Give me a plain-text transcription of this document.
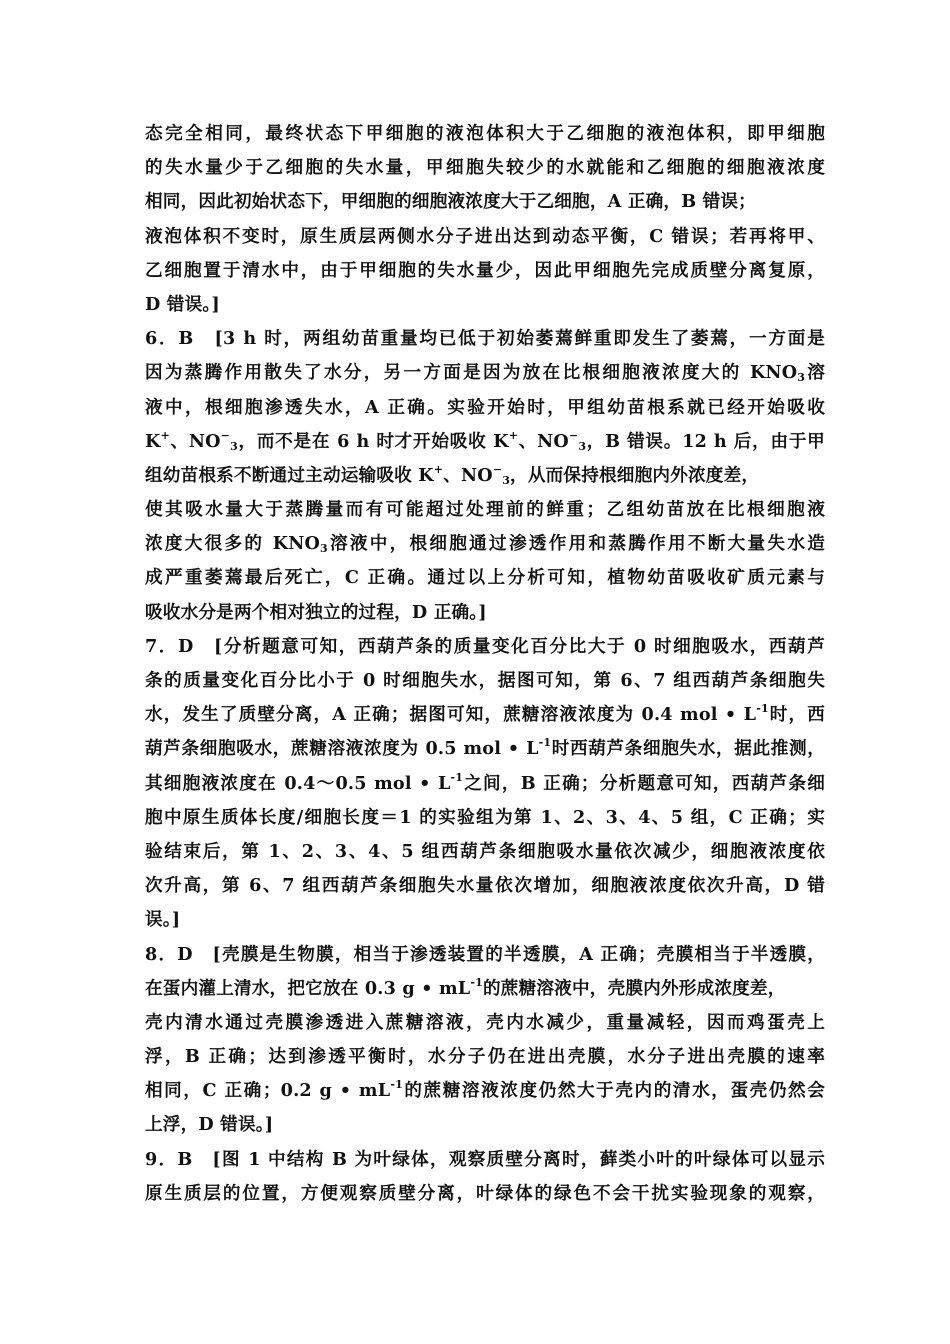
态完全相同，最终状态下甲细胞的液泡体积大于乙细胞的液泡体积，即甲细胞
的失水量少于乙细胞的失水量，甲细胞失较少的水就能和乙细胞的细胞液浓度
相同，因此初始状态下，甲细胞的细胞液浓度大于乙细胞，A 正确，B 错误；
液泡体积不变时，原生质层两侧水分子进出达到动态平衡，C 错误；若再将甲、
乙细胞置于清水中，由于甲细胞的失水量少，因此甲细胞先完成质壁分离复原，
D 错误。]
6．B　[3 h 时，两组幼苗重量均已低于初始萎蔫鲜重即发生了萎蔫，一方面是
因为蒸腾作用散失了水分，另一方面是因为放在比根细胞液浓度大的 $KNO_3$溶
液中，根细胞渗透失水，A 正确。实验开始时，甲组幼苗根系就已经开始吸收
K+、$NO^-_3$，而不是在 6 h 时才开始吸收 K+、$NO^-_3$，B 错误。12 h 后，由于甲
组幼苗根系不断通过主动运输吸收 K+、$NO^-_3$，从而保持根细胞内外浓度差，
使其吸水量大于蒸腾量而有可能超过处理前的鲜重；乙组幼苗放在比根细胞液
浓度大很多的 $KNO_3$溶液中，根细胞通过渗透作用和蒸腾作用不断大量失水造
成严重萎蔫最后死亡，C 正确。通过以上分析可知，植物幼苗吸收矿质元素与
吸收水分是两个相对独立的过程，D 正确。]
7．D　[分析题意可知，西葫芦条的质量变化百分比大于 0 时细胞吸水，西葫芦
条的质量变化百分比小于 0 时细胞失水，据图可知，第 6、7 组西葫芦条细胞失
水，发生了质壁分离，A 正确；据图可知，蔗糖溶液浓度为 0.4 mol • $L^{-1}$时，西
葫芦条细胞吸水，蔗糖溶液浓度为 0.5 mol • $L^{-1}$时西葫芦条细胞失水，据此推测，
其细胞液浓度在 0.4～0.5 mol • $L^{-1}$之间，B 正确；分析题意可知，西葫芦条细
胞中原生质体长度/细胞长度＝1 的实验组为第 1、2、3、4、5 组，C 正确；实
验结束后，第 1、2、3、4、5 组西葫芦条细胞吸水量依次减少，细胞液浓度依
次升高，第 6、7 组西葫芦条细胞失水量依次增加，细胞液浓度依次升高，D 错
误。]
8．D　[壳膜是生物膜，相当于渗透装置的半透膜，A 正确；壳膜相当于半透膜，
在蛋内灌上清水，把它放在 0.3 g • $mL^{-1}$的蔗糖溶液中，壳膜内外形成浓度差，
壳内清水通过壳膜渗透进入蔗糖溶液，壳内水减少，重量减轻，因而鸡蛋壳上
浮，B 正确；达到渗透平衡时，水分子仍在进出壳膜，水分子进出壳膜的速率
相同，C 正确；0.2 g • $mL^{-1}$的蔗糖溶液浓度仍然大于壳内的清水，蛋壳仍然会
上浮，D 错误。]
9．B　[图 1 中结构 B 为叶绿体，观察质壁分离时，藓类小叶的叶绿体可以显示
原生质层的位置，方便观察质壁分离，叶绿体的绿色不会干扰实验现象的观察，
